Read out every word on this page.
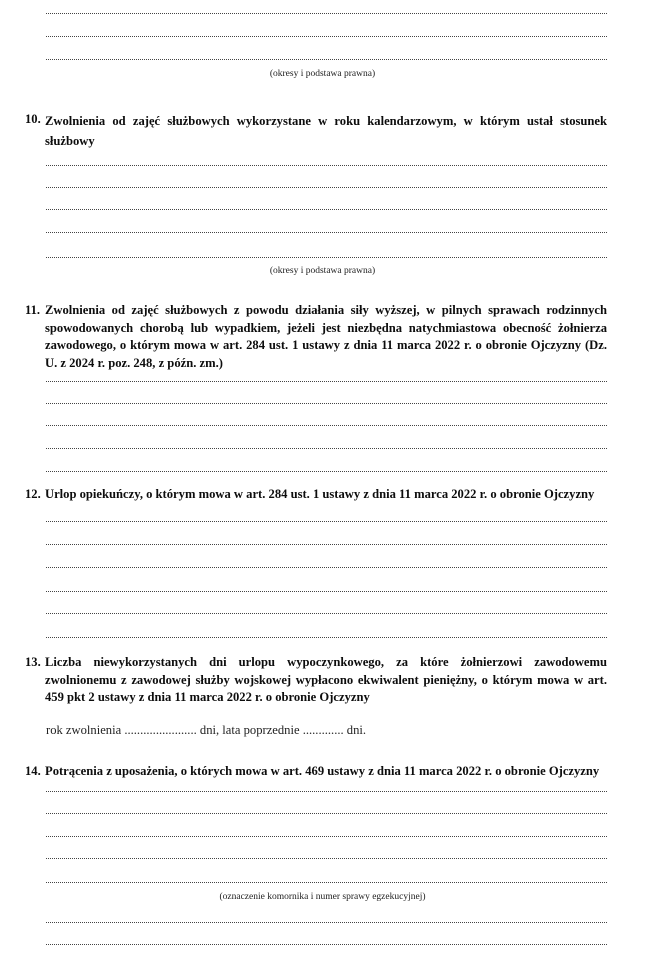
(okresy i podstawa prawna)
10. Zwolnienia od zajęć służbowych wykorzystane w roku kalendarzowym, w którym ustał stosunek służbowy
(okresy i podstawa prawna)
11. Zwolnienia od zajęć służbowych z powodu działania siły wyższej, w pilnych sprawach rodzinnych spowodowanych chorobą lub wypadkiem, jeżeli jest niezbędna natychmiastowa obecność żołnierza zawodowego, o którym mowa w art. 284 ust. 1 ustawy z dnia 11 marca 2022 r. o obronie Ojczyzny (Dz. U. z 2024 r. poz. 248, z późn. zm.)
12. Urlop opiekuńczy, o którym mowa w art. 284 ust. 1 ustawy z dnia 11 marca 2022 r. o obronie Ojczyzny
13. Liczba niewykorzystanych dni urlopu wypoczynkowego, za które żołnierzowi zawodowemu zwolnionemu z zawodowej służby wojskowej wypłacono ekwiwalent pieniężny, o którym mowa w art. 459 pkt 2 ustawy z dnia 11 marca 2022 r. o obronie Ojczyzny
rok zwolnienia ....................... dni, lata poprzednie ............. dni.
14. Potrącenia z uposażenia, o których mowa w art. 469 ustawy z dnia 11 marca 2022 r. o obronie Ojczyzny
(oznaczenie komornika i numer sprawy egzekucyjnej)
